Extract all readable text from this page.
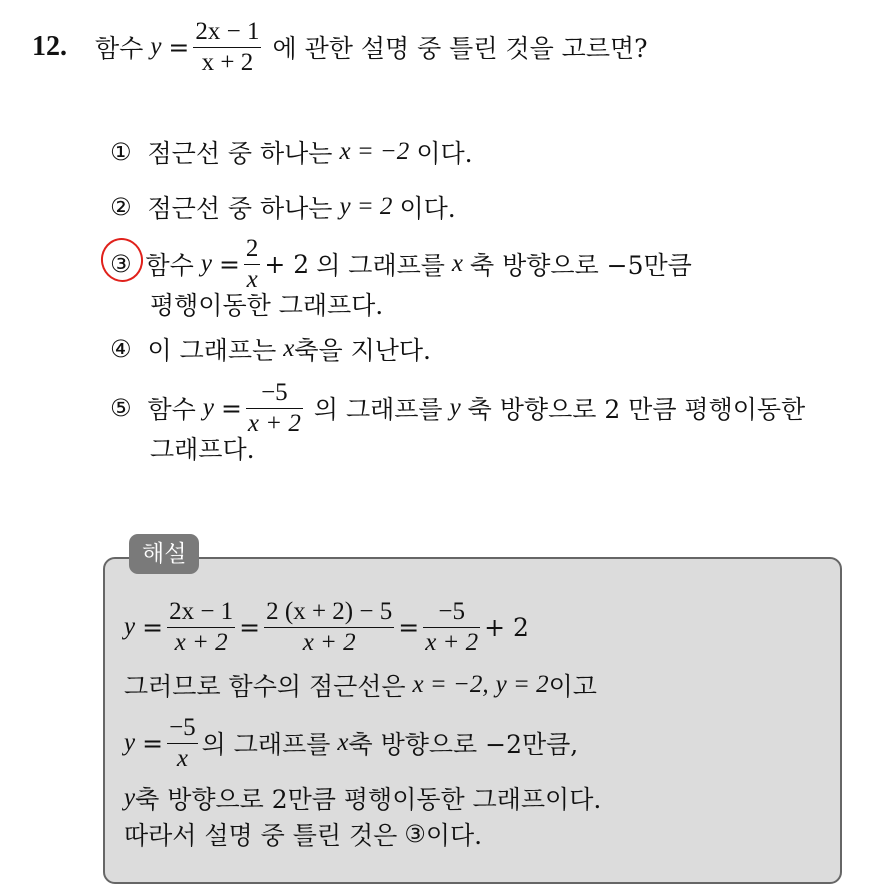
12. 함수 $y = \frac{2x - 1}{x + 2}$ 에 관한 설명 중 틀린 것을 고르면?
① 점근선 중 하나는 x = −2 이다.
② 점근선 중 하나는 y = 2 이다.
③ 함수 $y = \frac{2}{x} + 2$ 의 그래프를 x 축 방향으로 −5만큼
평행이동한 그래프다.
④ 이 그래프는 x 축을 지난다.
⑤ 함수 $y = \frac{-5}{x + 2}$ 의 그래프를 y 축 방향으로 2 만큼 평행이동한
그래프다.
해설
$y = \frac{2x - 1}{x + 2} = \frac{2 (x + 2) - 5}{x + 2} = \frac{-5}{x + 2} + 2$
그러므로 함수의 점근선은 x = −2, y = 2 이고
$y = \frac{-5}{x}$ 의 그래프를 x 축 방향으로 −2만큼,
y 축 방향으로 2만큼 평행이동한 그래프이다.
따라서 설명 중 틀린 것은 ③ 이다.
